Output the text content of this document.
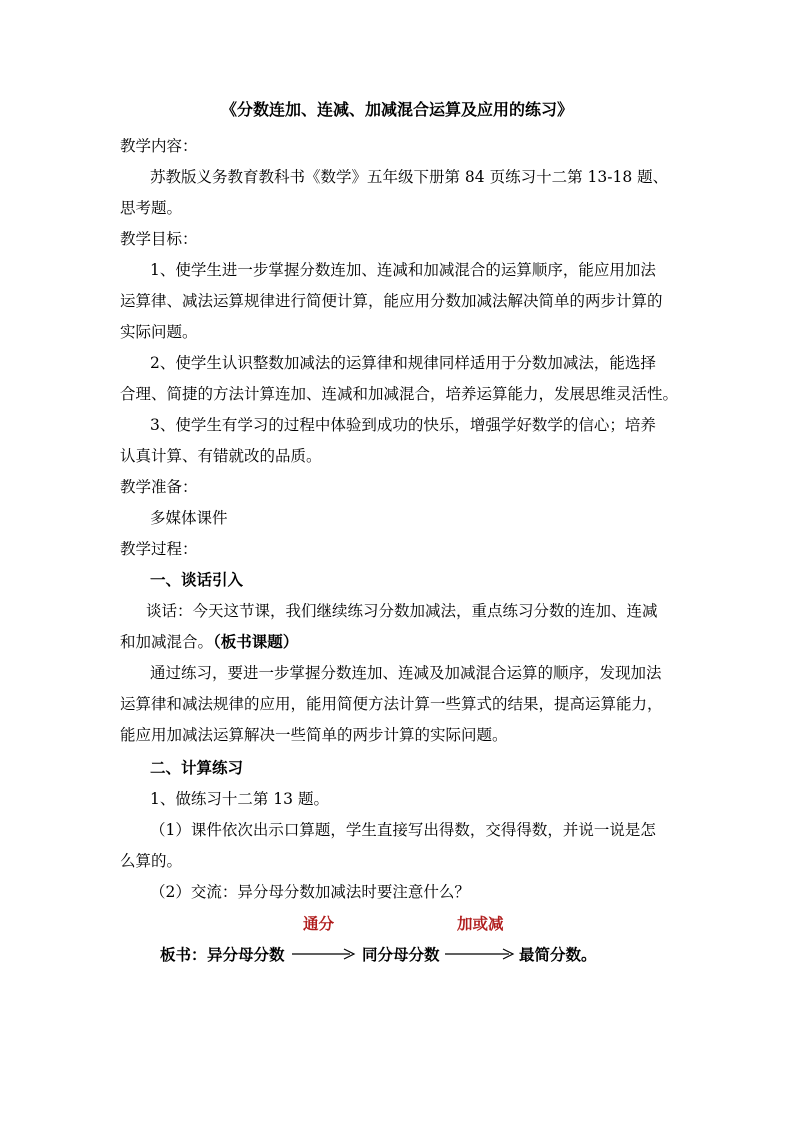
《分数连加、连减、加减混合运算及应用的练习》
教学内容：
苏教版义务教育教科书《数学》五年级下册第 84 页练习十二第 13-18 题、
思考题。
教学目标：
1、使学生进一步掌握分数连加、连减和加减混合的运算顺序，能应用加法
运算律、减法运算规律进行简便计算，能应用分数加减法解决简单的两步计算的
实际问题。
2、使学生认识整数加减法的运算律和规律同样适用于分数加减法，能选择
合理、简捷的方法计算连加、连减和加减混合，培养运算能力，发展思维灵活性。
3、使学生有学习的过程中体验到成功的快乐，增强学好数学的信心；培养
认真计算、有错就改的品质。
教学准备：
多媒体课件
教学过程：
一、谈话引入
谈话：今天这节课，我们继续练习分数加减法，重点练习分数的连加、连减
和加减混合。（板书课题）
通过练习，要进一步掌握分数连加、连减及加减混合运算的顺序，发现加法
运算律和减法规律的应用，能用简便方法计算一些算式的结果，提高运算能力，
能应用加减法运算解决一些简单的两步计算的实际问题。
二、计算练习
1、做练习十二第 13 题。
（1）课件依次出示口算题，学生直接写出得数，交得得数，并说一说是怎
么算的。
（2）交流：异分母分数加减法时要注意什么？
通分	加或减
板书： 异分母分数	同分母分数	最简分数。
